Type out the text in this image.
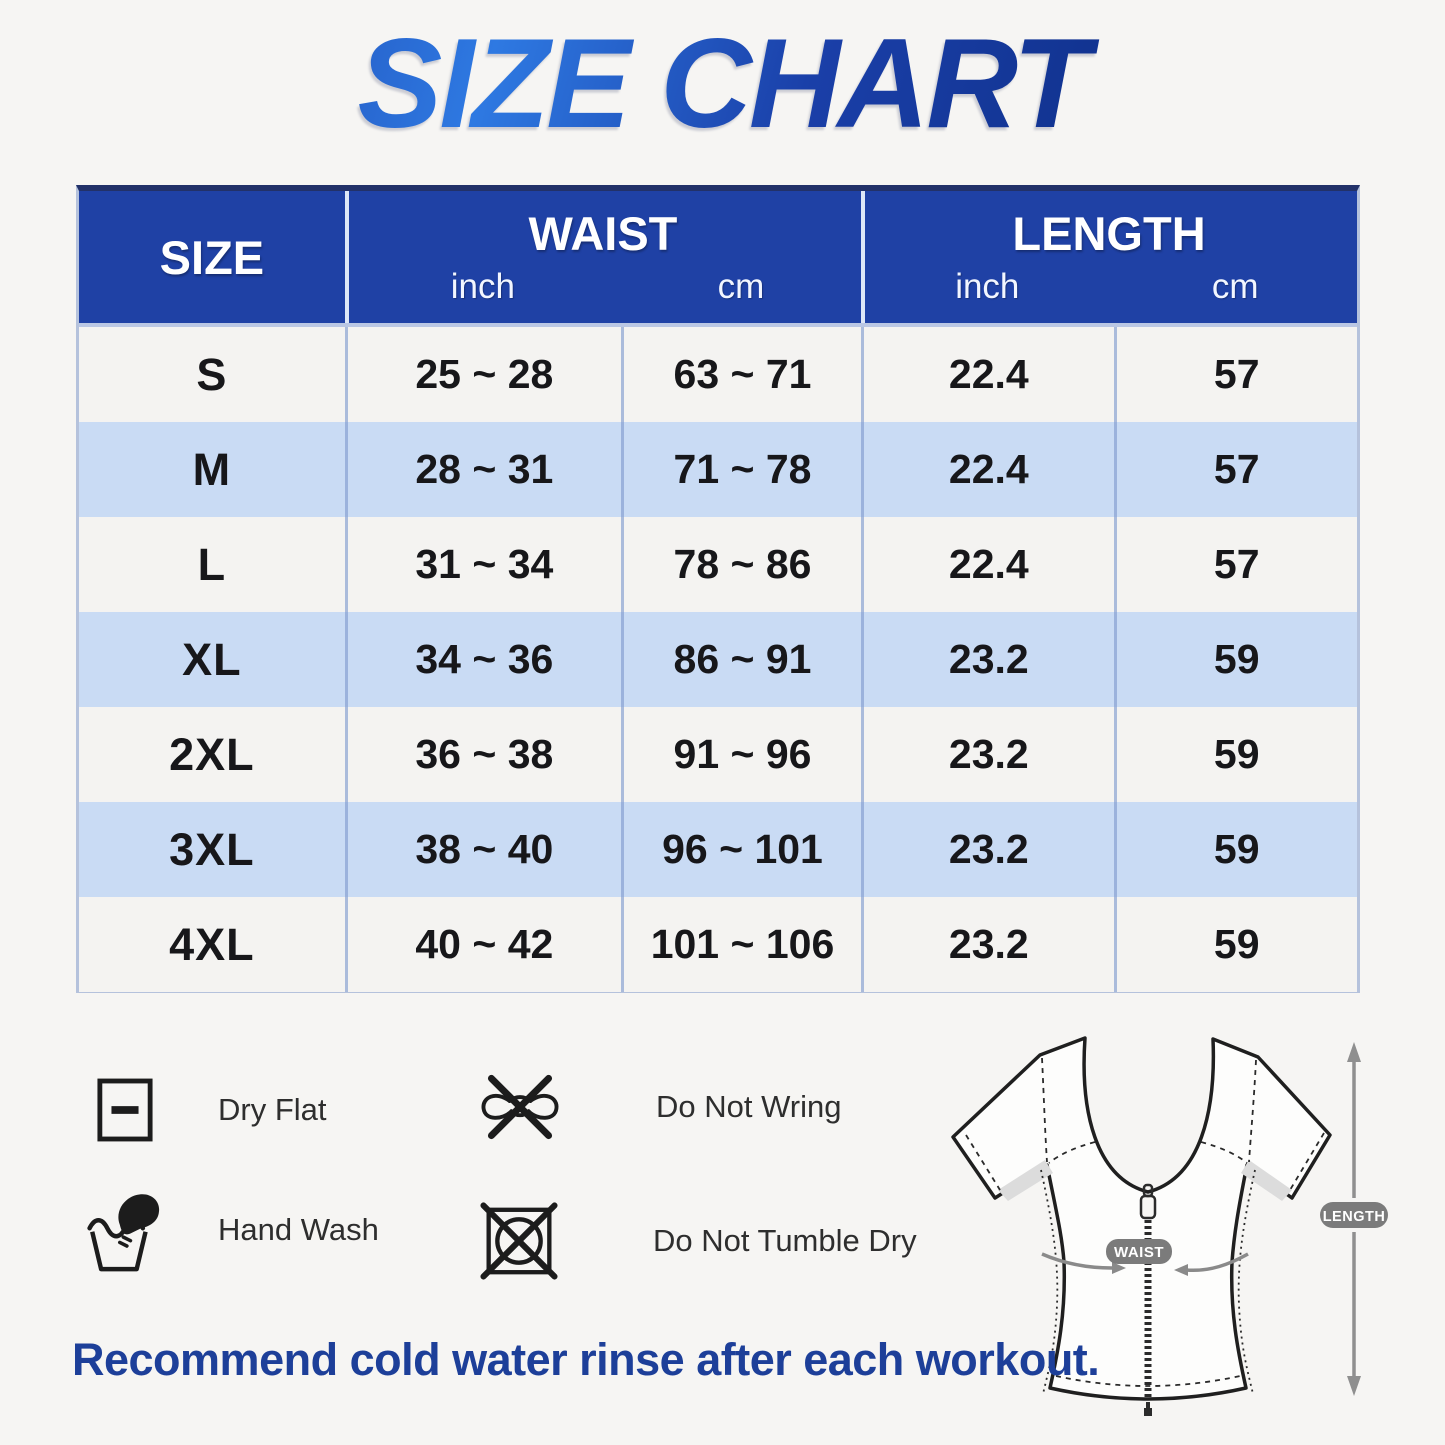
SIZE CHART
SIZE	WAIST	LENGTH
inch	cm	inch	cm
S	25 ~ 28	63 ~ 71	22.4	57
M	28 ~ 31	71 ~ 78	22.4	57
L	31 ~ 34	78 ~ 86	22.4	57
XL	34 ~ 36	86 ~ 91	23.2	59
2XL	36 ~ 38	91 ~ 96	23.2	59
3XL	38 ~ 40	96 ~ 101	23.2	59
4XL	40 ~ 42	101 ~ 106	23.2	59
Dry Flat	Do Not Wring
Hand Wash	Do Not Tumble Dry	WAIST
LENGTH
Recommend cold water rinse after each workout.
